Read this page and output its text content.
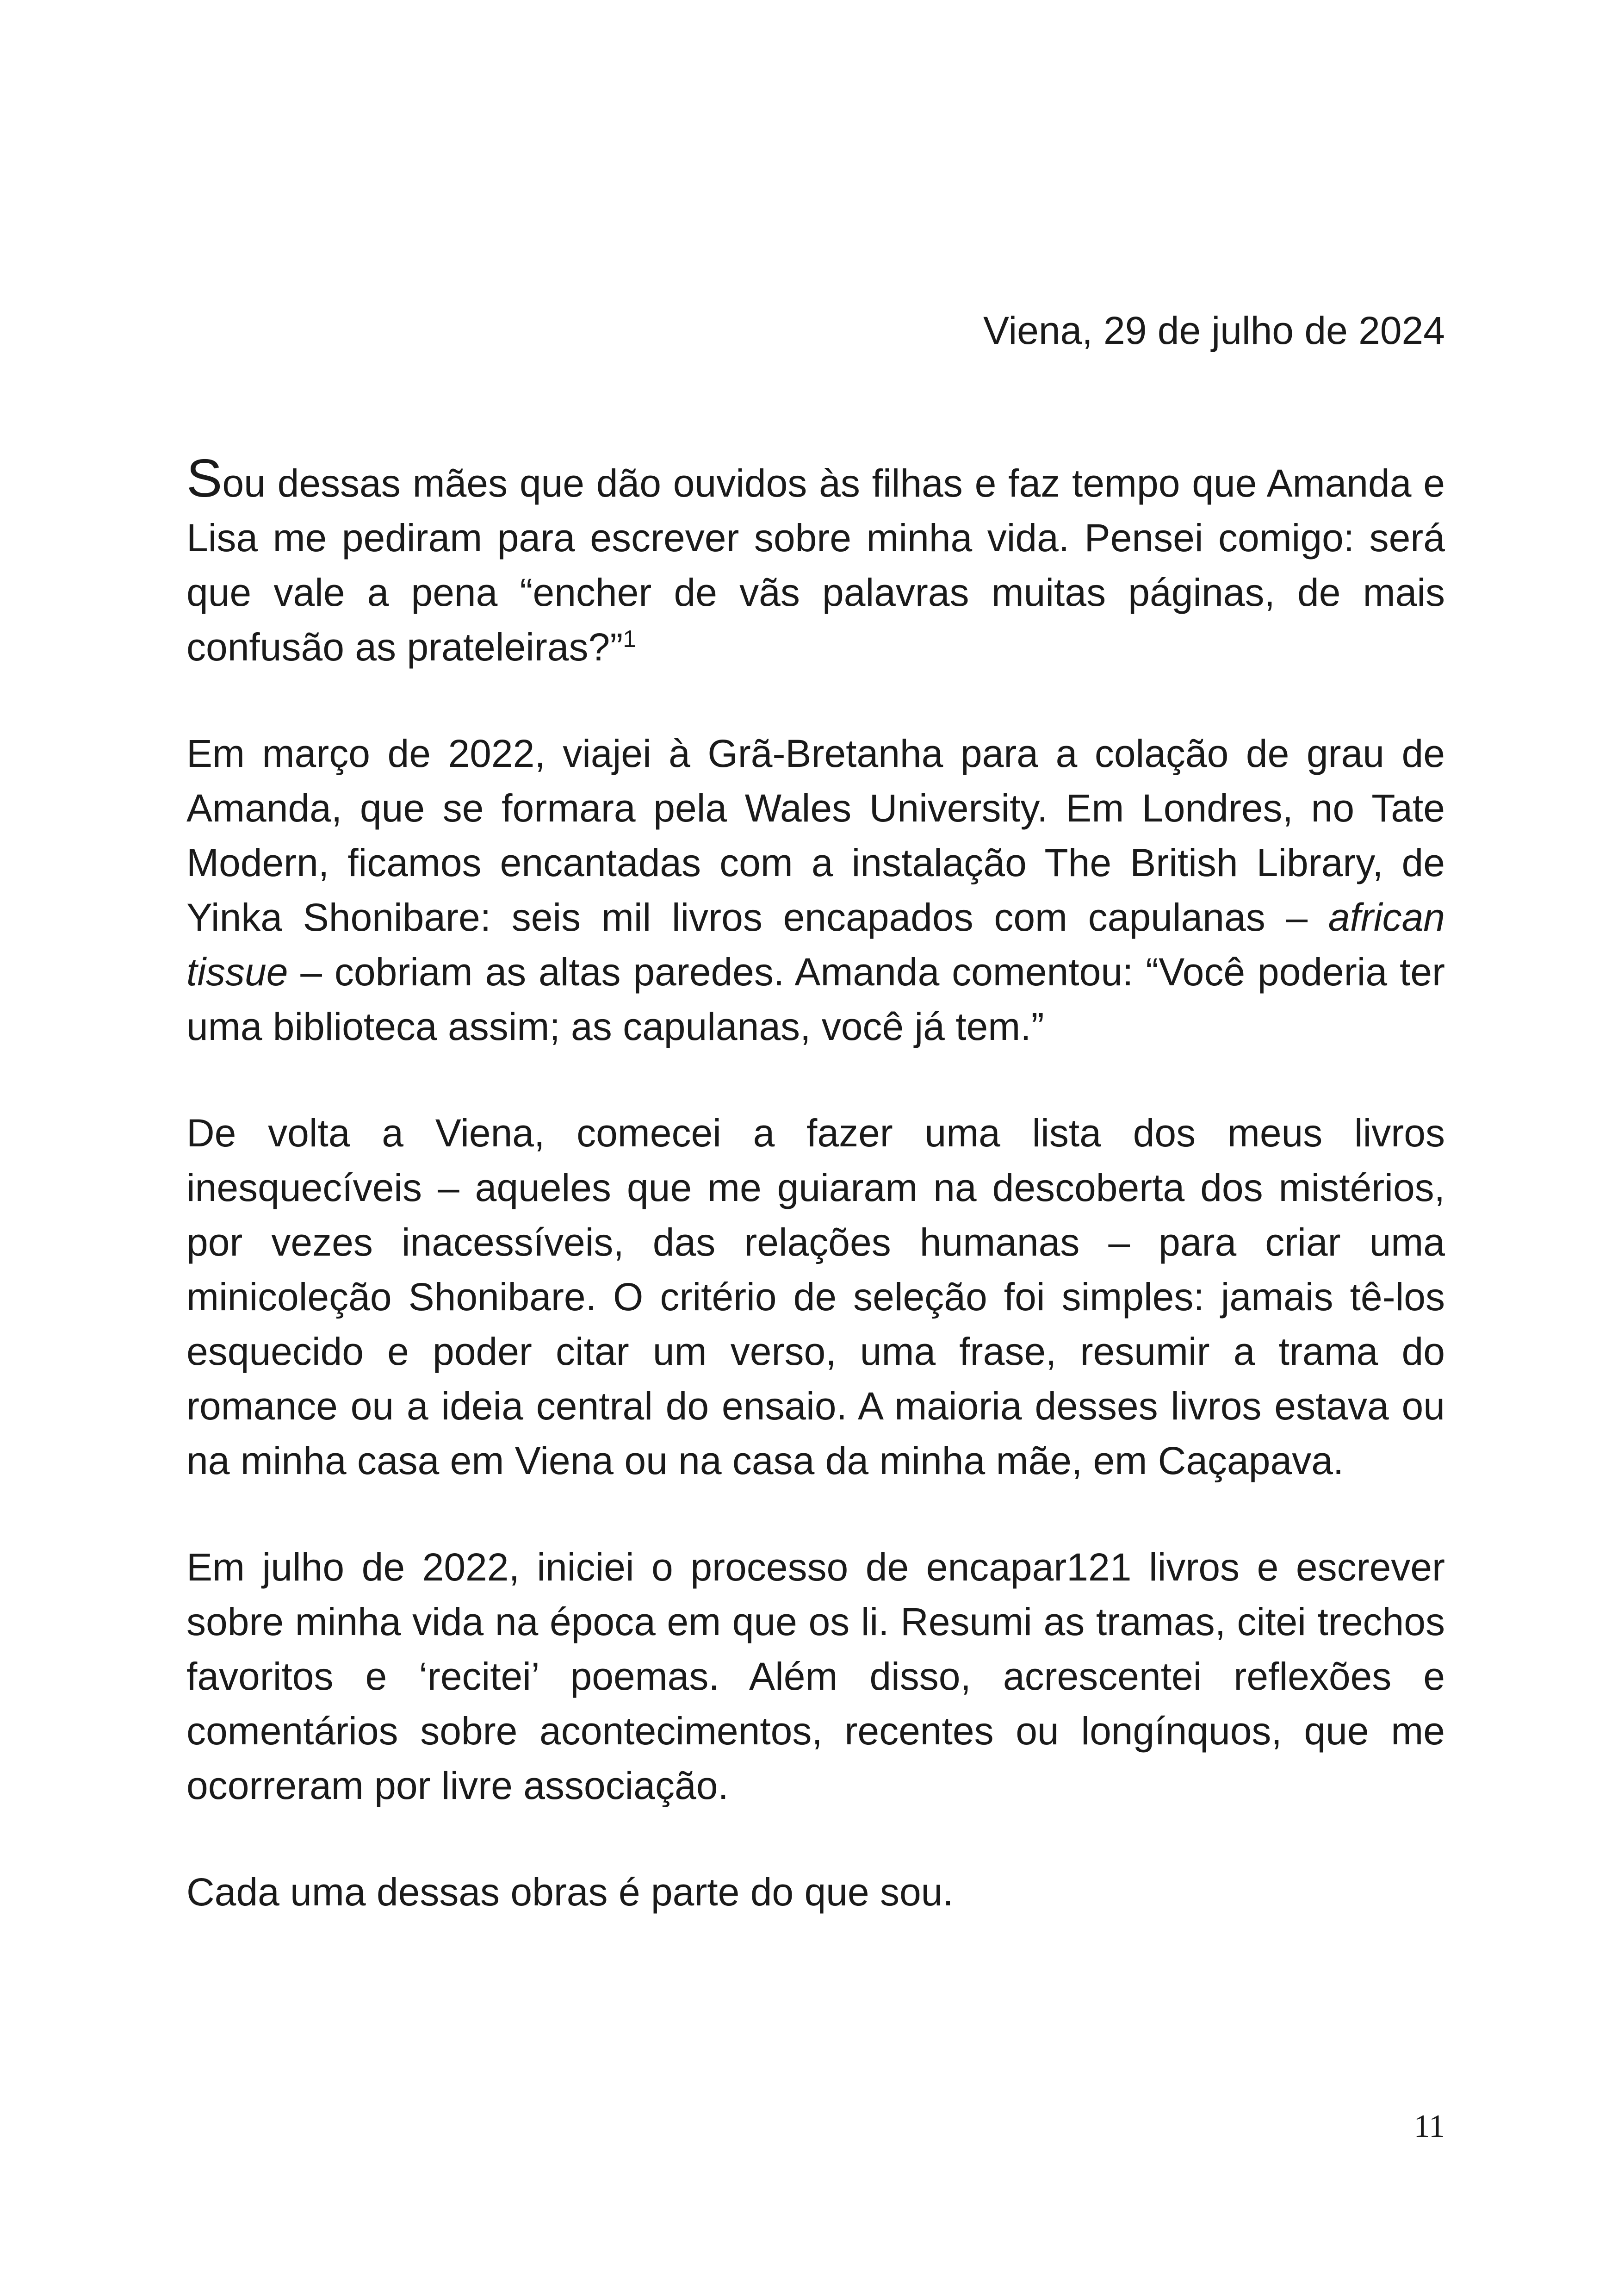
Viena, 29 de julho de 2024

Sou dessas mães que dão ouvidos às filhas e faz tempo que Amanda e Lisa me pediram para escrever sobre minha vida. Pensei comigo: será que vale a pena “encher de vãs palavras muitas páginas, de mais confusão as prateleiras?”$^1$

Em março de 2022, viajei à Grã-Bretanha para a colação de grau de Amanda, que se formara pela Wales University. Em Londres, no Tate Modern, ficamos encantadas com a instalação The British Library, de Yinka Shonibare: seis mil livros encapados com capulanas – african tissue – cobriam as altas paredes. Amanda comentou: “Você poderia ter uma biblioteca assim; as capulanas, você já tem.”

De volta a Viena, comecei a fazer uma lista dos meus livros inesquecíveis – aqueles que me guiaram na descoberta dos mistérios, por vezes inacessíveis, das relações humanas – para criar uma minicoleção Shonibare. O critério de seleção foi simples: jamais tê-los esquecido e poder citar um verso, uma frase, resumir a trama do romance ou a ideia central do ensaio. A maioria desses livros estava ou na minha casa em Viena ou na casa da minha mãe, em Caçapava.

Em julho de 2022, iniciei o processo de encapar121 livros e escrever sobre minha vida na época em que os li. Resumi as tramas, citei trechos favoritos e ‘recitei’ poemas. Além disso, acrescentei reflexões e comentários sobre acontecimentos, recentes ou longínquos, que me ocorreram por livre associação.

Cada uma dessas obras é parte do que sou.

11
